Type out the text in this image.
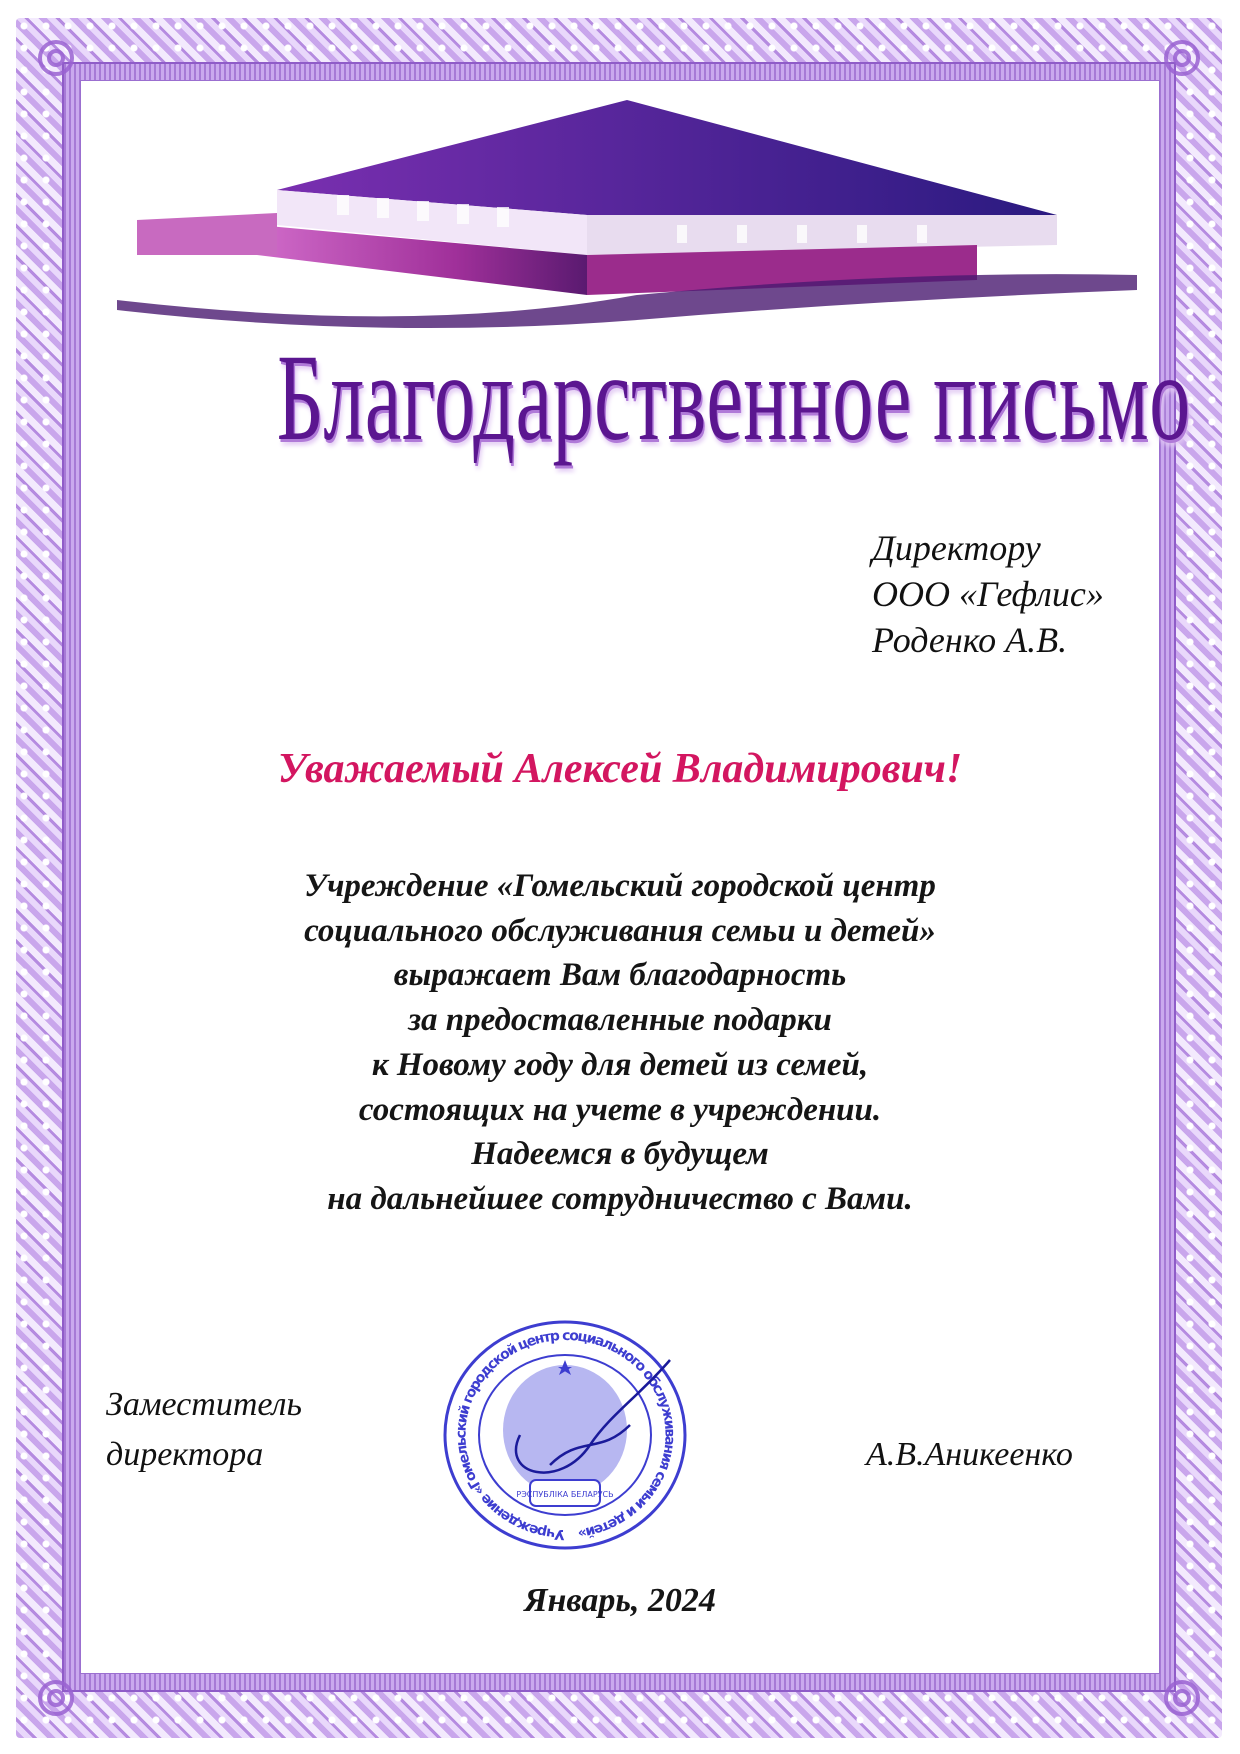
Благодарственное письмо
Директору
ООО «Гефлис»
Роденко А.В.
Уважаемый Алексей Владимирович!
Учреждение «Гомельский городской центр
социального обслуживания семьи и детей»
выражает Вам благодарность
за предоставленные подарки
к Новому году для детей из семей,
состоящих на учете в учреждении.
Надеемся в будущем
на дальнейшее сотрудничество с Вами.
Заместитель
директора	А.В.Аникеенко
Учреждение «Гомельский городской центр социального обслуживания семьи и детей»
РЭСПУБЛІКА БЕЛАРУСЬ
Январь, 2024
